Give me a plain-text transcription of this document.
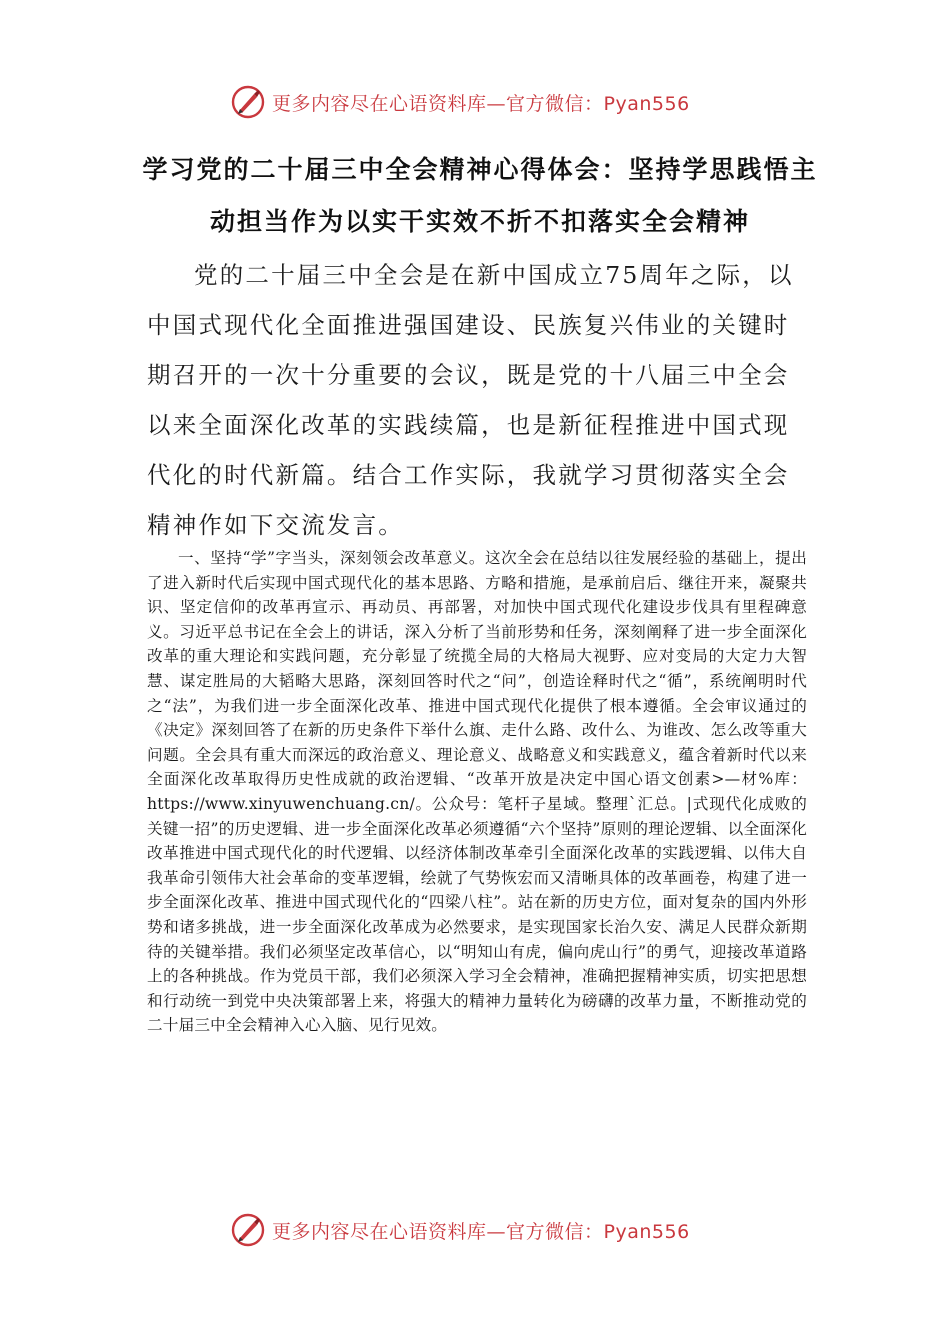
更多内容尽在心语资料库—官方微信：Pyan556
学习党的二十届三中全会精神心得体会：坚持学思践悟主
动担当作为以实干实效不折不扣落实全会精神

党的二十届三中全会是在新中国成立75周年之际，以中国式现代化全面推进强国建设、民族复兴伟业的关键时期召开的一次十分重要的会议，既是党的十八届三中全会以来全面深化改革的实践续篇，也是新征程推进中国式现代化的时代新篇。结合工作实际，我就学习贯彻落实全会精神作如下交流发言。

一、坚持“学”字当头，深刻领会改革意义。这次全会在总结以往发展经验的基础上，提出了进入新时代后实现中国式现代化的基本思路、方略和措施，是承前启后、继往开来，凝聚共识、坚定信仰的改革再宣示、再动员、再部署，对加快中国式现代化建设步伐具有里程碑意义。习近平总书记在全会上的讲话，深入分析了当前形势和任务，深刻阐释了进一步全面深化改革的重大理论和实践问题，充分彰显了统揽全局的大格局大视野、应对变局的大定力大智慧、谋定胜局的大韬略大思路，深刻回答时代之“问”，创造诠释时代之“循”，系统阐明时代之“法”，为我们进一步全面深化改革、推进中国式现代化提供了根本遵循。全会审议通过的《决定》深刻回答了在新的历史条件下举什么旗、走什么路、改什么、为谁改、怎么改等重大问题。全会具有重大而深远的政治意义、理论意义、战略意义和实践意义，蕴含着新时代以来全面深化改革取得历史性成就的政治逻辑、“改革开放是决定中国心语文创素>—材%库：https://www.xinyuwenchuang.cn/。公众号：笔杆子星域。整理`汇总。|式现代化成败的关键一招”的历史逻辑、进一步全面深化改革必须遵循“六个坚持”原则的理论逻辑、以全面深化改革推进中国式现代化的时代逻辑、以经济体制改革牵引全面深化改革的实践逻辑、以伟大自我革命引领伟大社会革命的变革逻辑，绘就了气势恢宏而又清晰具体的改革画卷，构建了进一步全面深化改革、推进中国式现代化的“四梁八柱”。站在新的历史方位，面对复杂的国内外形势和诸多挑战，进一步全面深化改革成为必然要求，是实现国家长治久安、满足人民群众新期待的关键举措。我们必须坚定改革信心，以“明知山有虎，偏向虎山行”的勇气，迎接改革道路上的各种挑战。作为党员干部，我们必须深入学习全会精神，准确把握精神实质，切实把思想和行动统一到党中央决策部署上来，将强大的精神力量转化为磅礴的改革力量，不断推动党的二十届三中全会精神入心入脑、见行见效。

更多内容尽在心语资料库—官方微信：Pyan556
